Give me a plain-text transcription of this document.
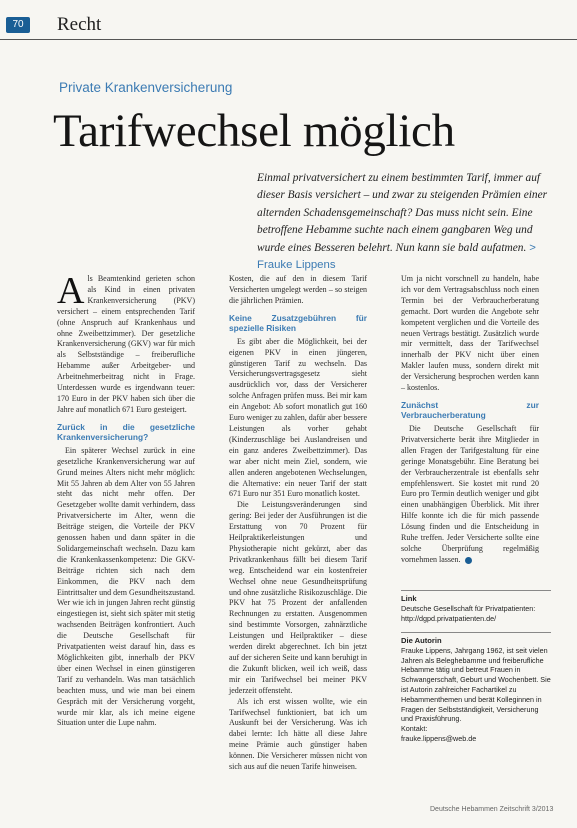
70	Recht
Private Krankenversicherung
Tarifwechsel möglich
Einmal privatversichert zu einem bestimmten Tarif, immer auf dieser Basis versichert – und zwar zu steigenden Prämien einer alternden Schadensgemeinschaft? Das muss nicht sein. Eine betroffene Hebamme suchte nach einem gangbaren Weg und wurde eines Besseren belehrt. Nun kann sie bald aufatmen. > Frauke Lippens

Als Beamtenkind gerieten schon als Kind in einen privaten Krankenversicherung (PKV) versichert – einem entsprechenden Tarif (ohne Anspruch auf Krankenhaus und ohne Zweibettzimmer). Der gesetzliche Krankenversicherung (GKV) war für mich als Selbstständige – freiberufliche Hebamme außer Arbeitgeber- und Arbeitnehmerbeitrag nicht in Frage. Unterdessen wurde es irgendwann teuer: 170 Euro in der PKV haben sich über die Jahre auf monatlich 671 Euro gesteigert.

Zurück in die gesetzliche Krankenversicherung?

Ein späterer Wechsel zurück in eine gesetzliche Krankenversicherung war auf Grund meines Alters nicht mehr möglich: Mit 55 Jahren ab dem Alter von 55 Jahren steht das nicht mehr offen. Der Gesetzgeber wollte damit verhindern, dass Privatversicherte im Alter, wenn die Beiträge steigen, die Vorteile der PKV genossen haben und dann später in die Solidargemeinschaft wechseln. Dazu kam die Krankenkassenkompetenz: Die GKV-Beiträge richten sich nach dem Einkommen, die PKV nach dem Eintrittsalter und dem Gesundheitszustand. Wer wie ich in jungen Jahren recht günstig eingestiegen ist, sieht sich später mit stetig wachsenden Beiträgen konfrontiert. Auch die Deutsche Gesellschaft für Privatpatienten weist darauf hin, dass es Möglichkeiten gibt, innerhalb der PKV über einen Wechsel in einen günstigeren Tarif zu verhandeln. Was man tatsächlich beachten muss, und wie man bei einem Gespräch mit der Versicherung vorgeht, wurde mir klar, als ich meine eigene Situation unter die Lupe nahm.

Kosten, die auf den in diesem Tarif Versicherten umgelegt werden – so steigen die jährlichen Prämien.

Keine Zusatzgebühren für spezielle Risiken

Es gibt aber die Möglichkeit, bei der eigenen PKV in einen jüngeren, günstigeren Tarif zu wechseln. Das Versicherungsvertragsgesetz sieht ausdrücklich vor, dass der Versicherer solche Anfragen prüfen muss. Bei mir kam ein Angebot: Ab sofort monatlich gut 160 Euro weniger zu zahlen, dafür aber bessere Leistungen als vorher gehabt (Kinderzuschläge bei Auslandreisen und ein ganz anderes Zweibettzimmer). Das war aber nicht mein Ziel, sondern, wie allen anderen angebotenen Wechselungen, die Alternative: ein neuer Tarif der statt 671 Euro nur 351 Euro monatlich kostet.

Die Leistungsveränderungen sind gering: Bei jeder der Ausführungen ist die Erstattung von 70 Prozent für Heilpraktikerleistungen und Physiotherapie nicht gekürzt, aber das Privatkrankenhaus fällt bei diesem Tarif weg. Entscheidend war ein kostenfreier Wechsel ohne neue Gesundheitsprüfung und ohne zusätzliche Risikozuschläge. Die PKV hat 75 Prozent der anfallenden Rechnungen zu erstatten. Ausgenommen sind bestimmte Vorsorgen, zahnärztliche Leistungen und Heilpraktiker – diese werden direkt abgerechnet. Ich bin jetzt auf der sicheren Seite und kann beruhigt in die Zukunft blicken, weil ich weiß, dass mir ein Tarifwechsel bei meiner PKV jederzeit offensteht.

Als ich erst wissen wollte, wie ein Tarifwechsel funktioniert, bat ich um Auskunft bei der Versicherung. Was ich dabei lernte: Ich hätte all diese Jahre meine Prämie auch günstiger haben können. Die Versicherer müssen nicht von sich aus auf die neuen Tarife hinweisen.

Um ja nicht vorschnell zu handeln, habe ich vor dem Vertragsabschluss noch einen Termin bei der Verbraucherberatung gemacht. Dort wurden die Angebote sehr kompetent verglichen und die Vorteile des neuen Vertrags bestätigt. Zusätzlich wurde mir vermittelt, dass der Tarifwechsel innerhalb der PKV nicht über einen Makler laufen muss, sondern direkt mit der Versicherung besprochen werden kann – kostenlos.

Zunächst zur Verbraucherberatung

Die Deutsche Gesellschaft für Privatversicherte berät ihre Mitglieder in allen Fragen der Tarifgestaltung für eine geringe Monatsgebühr. Eine Beratung bei der Verbraucherzentrale ist ebenfalls sehr empfehlenswert. Sie kostet mit rund 20 Euro pro Termin deutlich weniger und gibt einen unabhängigen Überblick. Mit ihrer Hilfe konnte ich die für mich passende Lösung finden und die Entscheidung in Ruhe treffen. Jeder Versicherte sollte eine solche Überprüfung regelmäßig vornehmen lassen.

Link
Deutsche Gesellschaft für Privatpatienten: http://dgpd.privatpatienten.de/
Die Autorin
Frauke Lippens, Jahrgang 1962, ist seit vielen Jahren als Beleghebamme und freiberufliche Hebamme tätig und betreut Frauen in Schwangerschaft, Geburt und Wochenbett. Sie ist Autorin zahlreicher Fachartikel zu Hebammenthemen und berät Kolleginnen in Fragen der Selbstständigkeit, Versicherung und Praxisführung.
Kontakt:
frauke.lippens@web.de
Deutsche Hebammen Zeitschrift 3/2013
